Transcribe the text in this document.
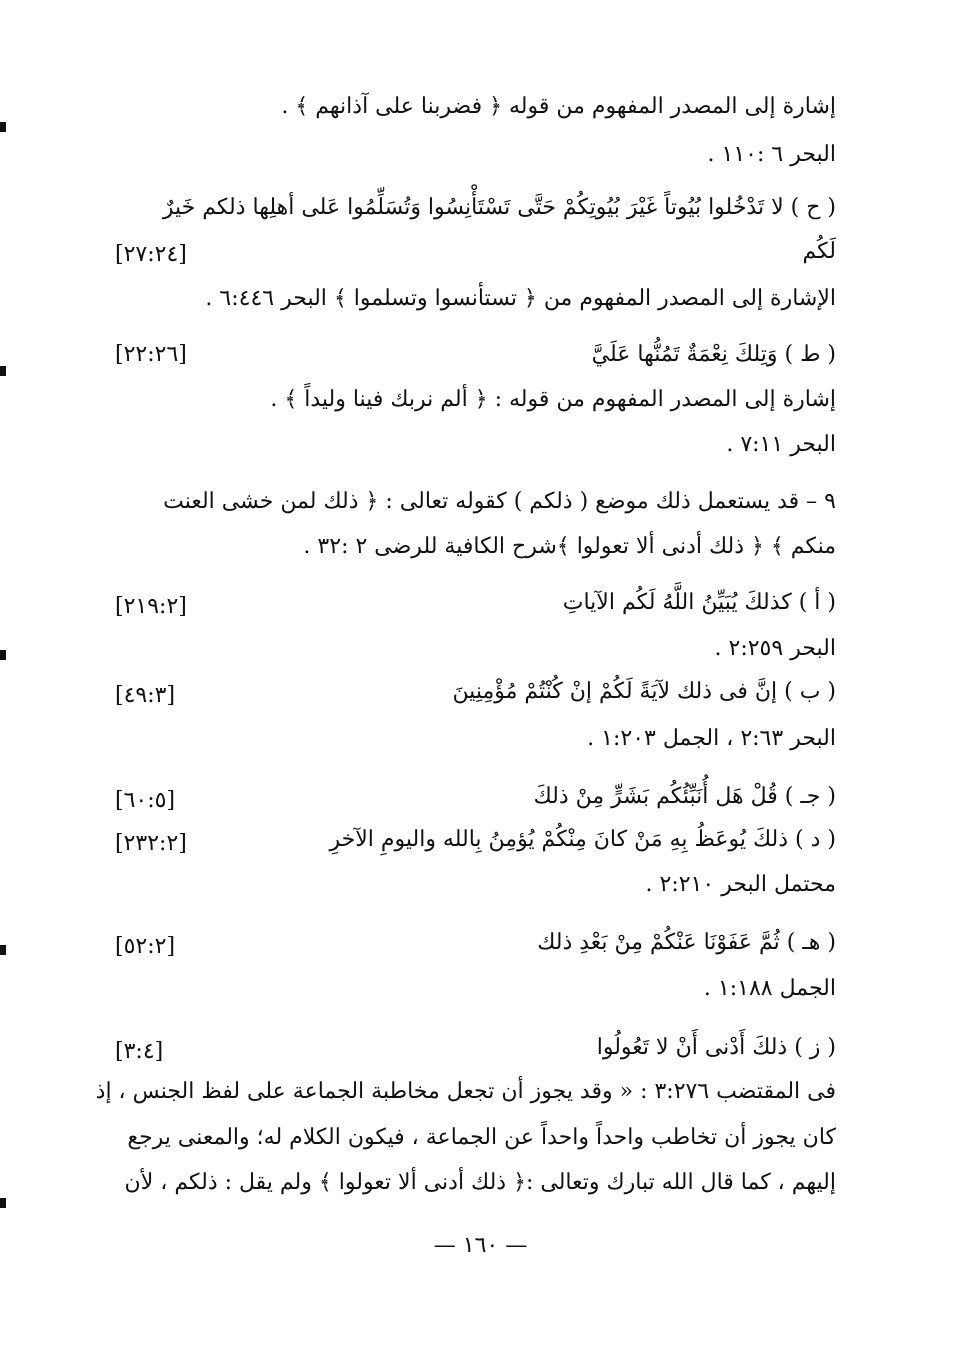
إشارة إلى المصدر المفهوم من قوله ﴿ فضربنا على آذانهم ﴾ .
البحر ٦ :١١٠ .
( ح ) لا تَدْخُلوا بُيُوتاً غَيْرَ بُيُوتِكُمْ حَتَّى تَسْتَأْنِسُوا وَتُسَلِّمُوا عَلى أهلِها ذلكم خَيرٌ
لَكُم
[٢٧:٢٤]
الإشارة إلى المصدر المفهوم من ﴿ تستأنسوا وتسلموا ﴾ البحر ٦:٤٤٦ .
( ط ) وَتِلكَ نِعْمَةٌ تَمُنُّها عَلَيَّ
[٢٢:٢٦]
إشارة إلى المصدر المفهوم من قوله : ﴿ ألم نربك فينا وليداً ﴾ .
البحر ٧:١١ .
٩ – قد يستعمل ذلك موضع ( ذلكم ) كقوله تعالى : ﴿ ذلك لمن خشى العنت
منكم ﴾ ﴿ ذلك أدنى ألا تعولوا ﴾شرح الكافية للرضى ٢ :٣٢ .
( أ ) كذلكَ يُبَيِّنُ اللَّهُ لَكُم الآياتِ
[٢١٩:٢]
البحر ٢:٢٥٩ .
( ب ) إنَّ فى ذلك لآيَةً لَكُمْ إنْ كُنْتُمْ مُؤْمِنِينَ
[٤٩:٣]
البحر ٢:٦٣ ، الجمل ١:٢٠٣ .
( جـ ) قُلْ هَل أُنَبِّئُكُم بَشَرٍّ مِنْ ذلكَ
[٦٠:٥]
( د ) ذلكَ يُوعَظُ بِهِ مَنْ كانَ مِنْكُمْ يُؤمِنُ بِالله واليومِ الآخرِ
[٢٣٢:٢]
محتمل البحر ٢:٢١٠ .
( هـ ) ثُمَّ عَفَوْنَا عَنْكُمْ مِنْ بَعْدِ ذلك
[٥٢:٢]
الجمل ١:١٨٨ .
( ز ) ذلكَ أَدْنى أَنْ لا تَعُولُوا
[٣:٤]
فى المقتضب ٣:٢٧٦ : « وقد يجوز أن تجعل مخاطبة الجماعة على لفظ الجنس ، إذ
كان يجوز أن تخاطب واحداً واحداً عن الجماعة ، فيكون الكلام له؛ والمعنى يرجع
إليهم ، كما قال الله تبارك وتعالى :﴿ ذلك أدنى ألا تعولوا ﴾ ولم يقل : ذلكم ، لأن
— ١٦٠ —
